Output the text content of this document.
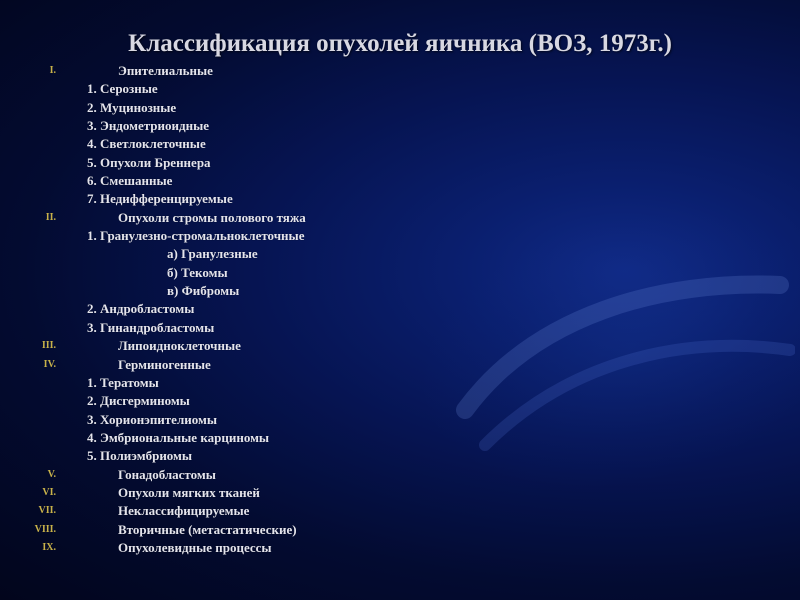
Классификация опухолей яичника (ВОЗ, 1973г.)
I.	Эпителиальные
1. Серозные
2. Муцинозные
3. Эндометриоидные
4. Светлоклеточные
5. Опухоли Бреннера
6. Смешанные
7. Недифференцируемые
II.	Опухоли стромы полового тяжа
1. Гранулезно-стромальноклеточные
а) Гранулезные
б) Текомы
в) Фибромы
2. Андробластомы
3. Гинандробластомы
III.	Липоидноклеточные
IV.	Герминогенные
1. Тератомы
2. Дисгерминомы
3. Хорионэпителиомы
4. Эмбриональные карциномы
5. Полиэмбриомы
V.	Гонадобластомы
VI.	Опухоли мягких тканей
VII.	Неклассифицируемые
VIII.	Вторичные (метастатические)
IX.	Опухолевидные процессы
